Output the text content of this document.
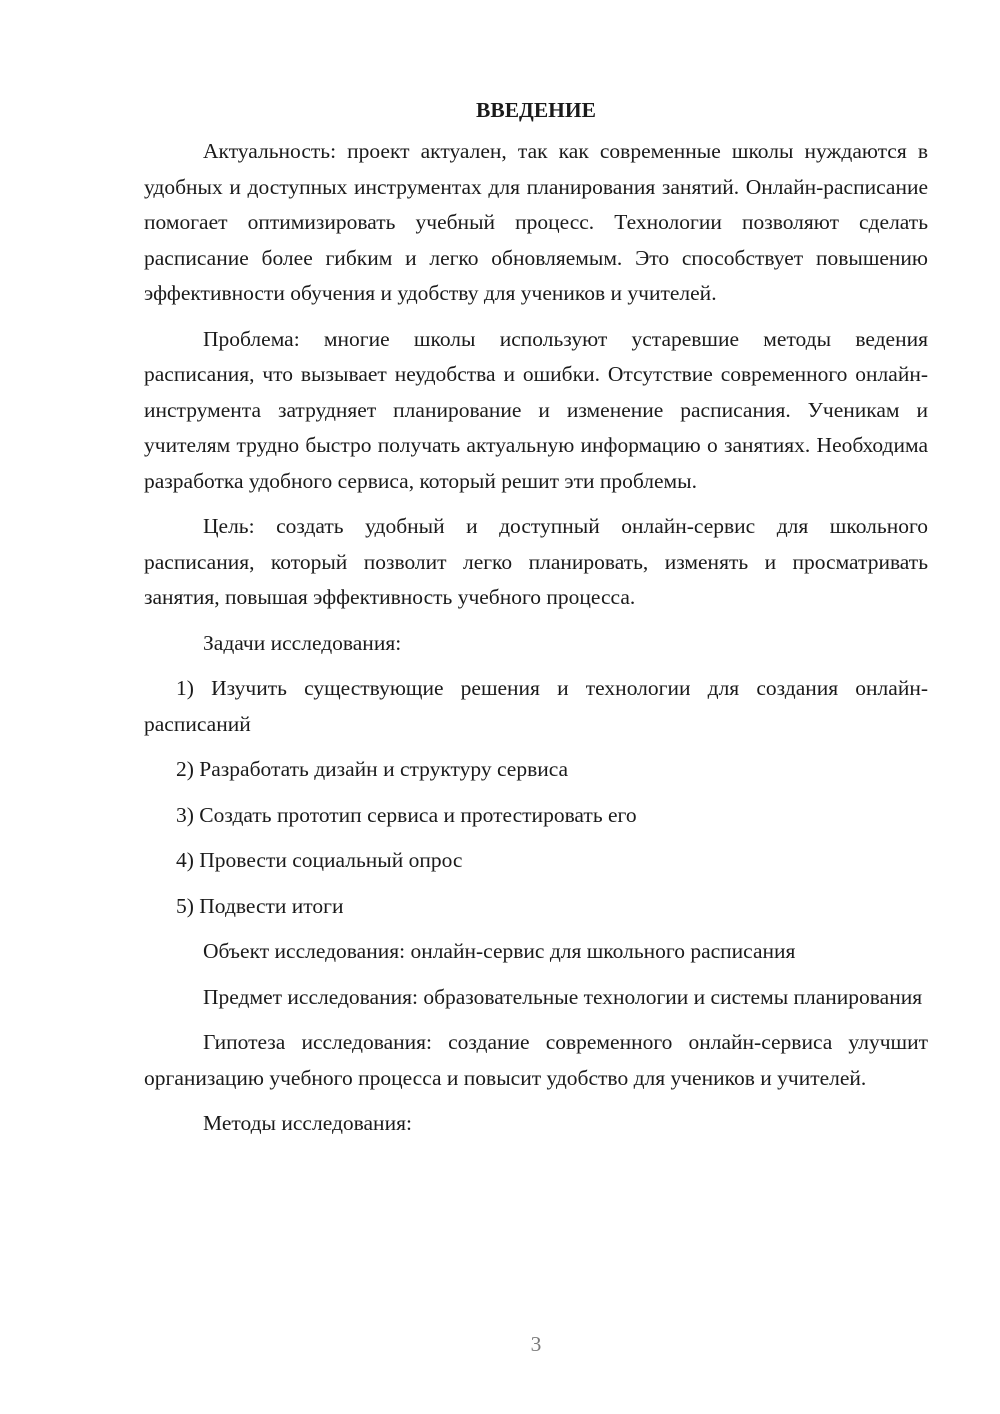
ВВЕДЕНИЕ

Актуальность: проект актуален, так как современные школы нуждаются в удобных и доступных инструментах для планирования занятий. Онлайн-расписание помогает оптимизировать учебный процесс. Технологии позволяют сделать расписание более гибким и легко обновляемым. Это способствует повышению эффективности обучения и удобству для учеников и учителей.

Проблема: многие школы используют устаревшие методы ведения расписания, что вызывает неудобства и ошибки. Отсутствие современного онлайн-инструмента затрудняет планирование и изменение расписания. Ученикам и учителям трудно быстро получать актуальную информацию о занятиях. Необходима разработка удобного сервиса, который решит эти проблемы.

Цель: создать удобный и доступный онлайн-сервис для школьного расписания, который позволит легко планировать, изменять и просматривать занятия, повышая эффективность учебного процесса.

Задачи исследования:

1) Изучить существующие решения и технологии для создания онлайн-расписаний

2) Разработать дизайн и структуру сервиса

3) Создать прототип сервиса и протестировать его

4) Провести социальный опрос

5) Подвести итоги

Объект исследования: онлайн-сервис для школьного расписания

Предмет исследования: образовательные технологии и системы планирования

Гипотеза исследования: создание современного онлайн-сервиса улучшит организацию учебного процесса и повысит удобство для учеников и учителей.

Методы исследования:

3
